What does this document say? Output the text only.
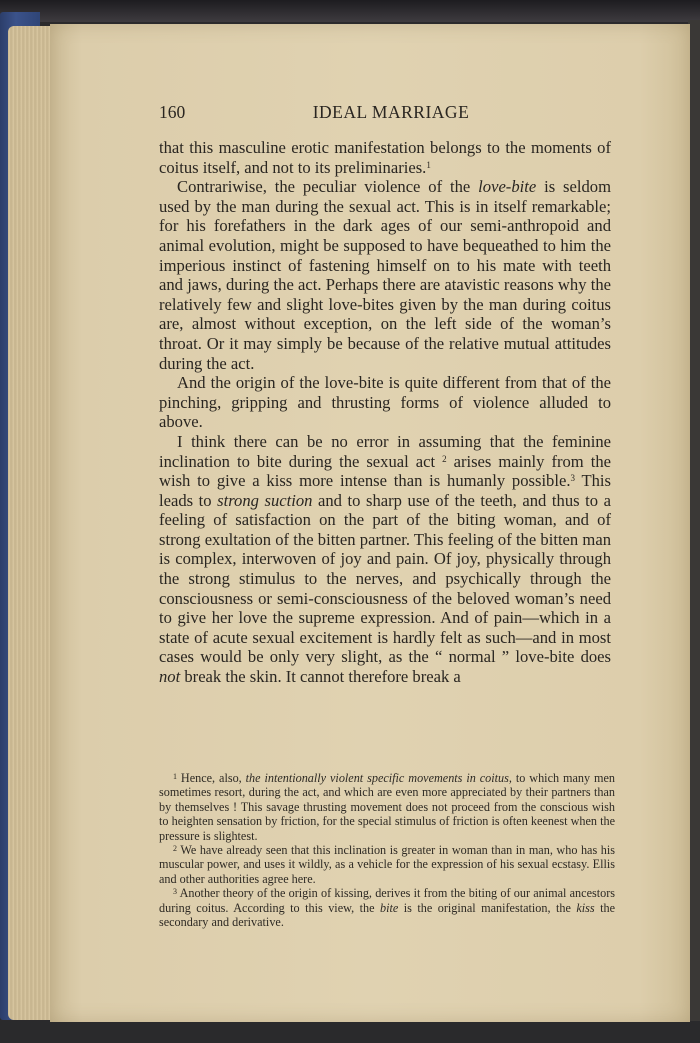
160	IDEAL MARRIAGE

that this masculine erotic manifestation belongs to the moments of coitus itself, and not to its preliminaries.$^1$

Contrariwise, the peculiar violence of the love-bite is seldom used by the man during the sexual act. This is in itself remarkable; for his forefathers in the dark ages of our semi-anthropoid and animal evolution, might be supposed to have bequeathed to him the imperious instinct of fastening himself on to his mate with teeth and jaws, during the act. Perhaps there are atavistic reasons why the relatively few and slight love-bites given by the man during coitus are, almost without exception, on the left side of the woman’s throat. Or it may simply be because of the relative mutual attitudes during the act.

And the origin of the love-bite is quite different from that of the pinching, gripping and thrusting forms of violence alluded to above.

I think there can be no error in assuming that the feminine inclination to bite during the sexual act $^2$ arises mainly from the wish to give a kiss more intense than is humanly possible.$^3$ This leads to strong suction and to sharp use of the teeth, and thus to a feeling of satisfaction on the part of the biting woman, and of strong exultation of the bitten partner. This feeling of the bitten man is complex, interwoven of joy and pain. Of joy, physically through the strong stimulus to the nerves, and psychically through the consciousness or semi-consciousness of the beloved woman’s need to give her love the supreme expression. And of pain—which in a state of acute sexual excitement is hardly felt as such—and in most cases would be only very slight, as the “ normal ” love-bite does not break the skin. It cannot therefore break a

$^1$ Hence, also, the intentionally violent specific movements in coitus, to which many men sometimes resort, during the act, and which are even more appreciated by their partners than by themselves ! This savage thrusting movement does not proceed from the conscious wish to heighten sensation by friction, for the special stimulus of friction is often keenest when the pressure is slightest.

$^2$ We have already seen that this inclination is greater in woman than in man, who has his muscular power, and uses it wildly, as a vehicle for the expression of his sexual ecstasy. Ellis and other authorities agree here.

$^3$ Another theory of the origin of kissing, derives it from the biting of our animal ancestors during coitus. According to this view, the bite is the original manifestation, the kiss the secondary and derivative.
